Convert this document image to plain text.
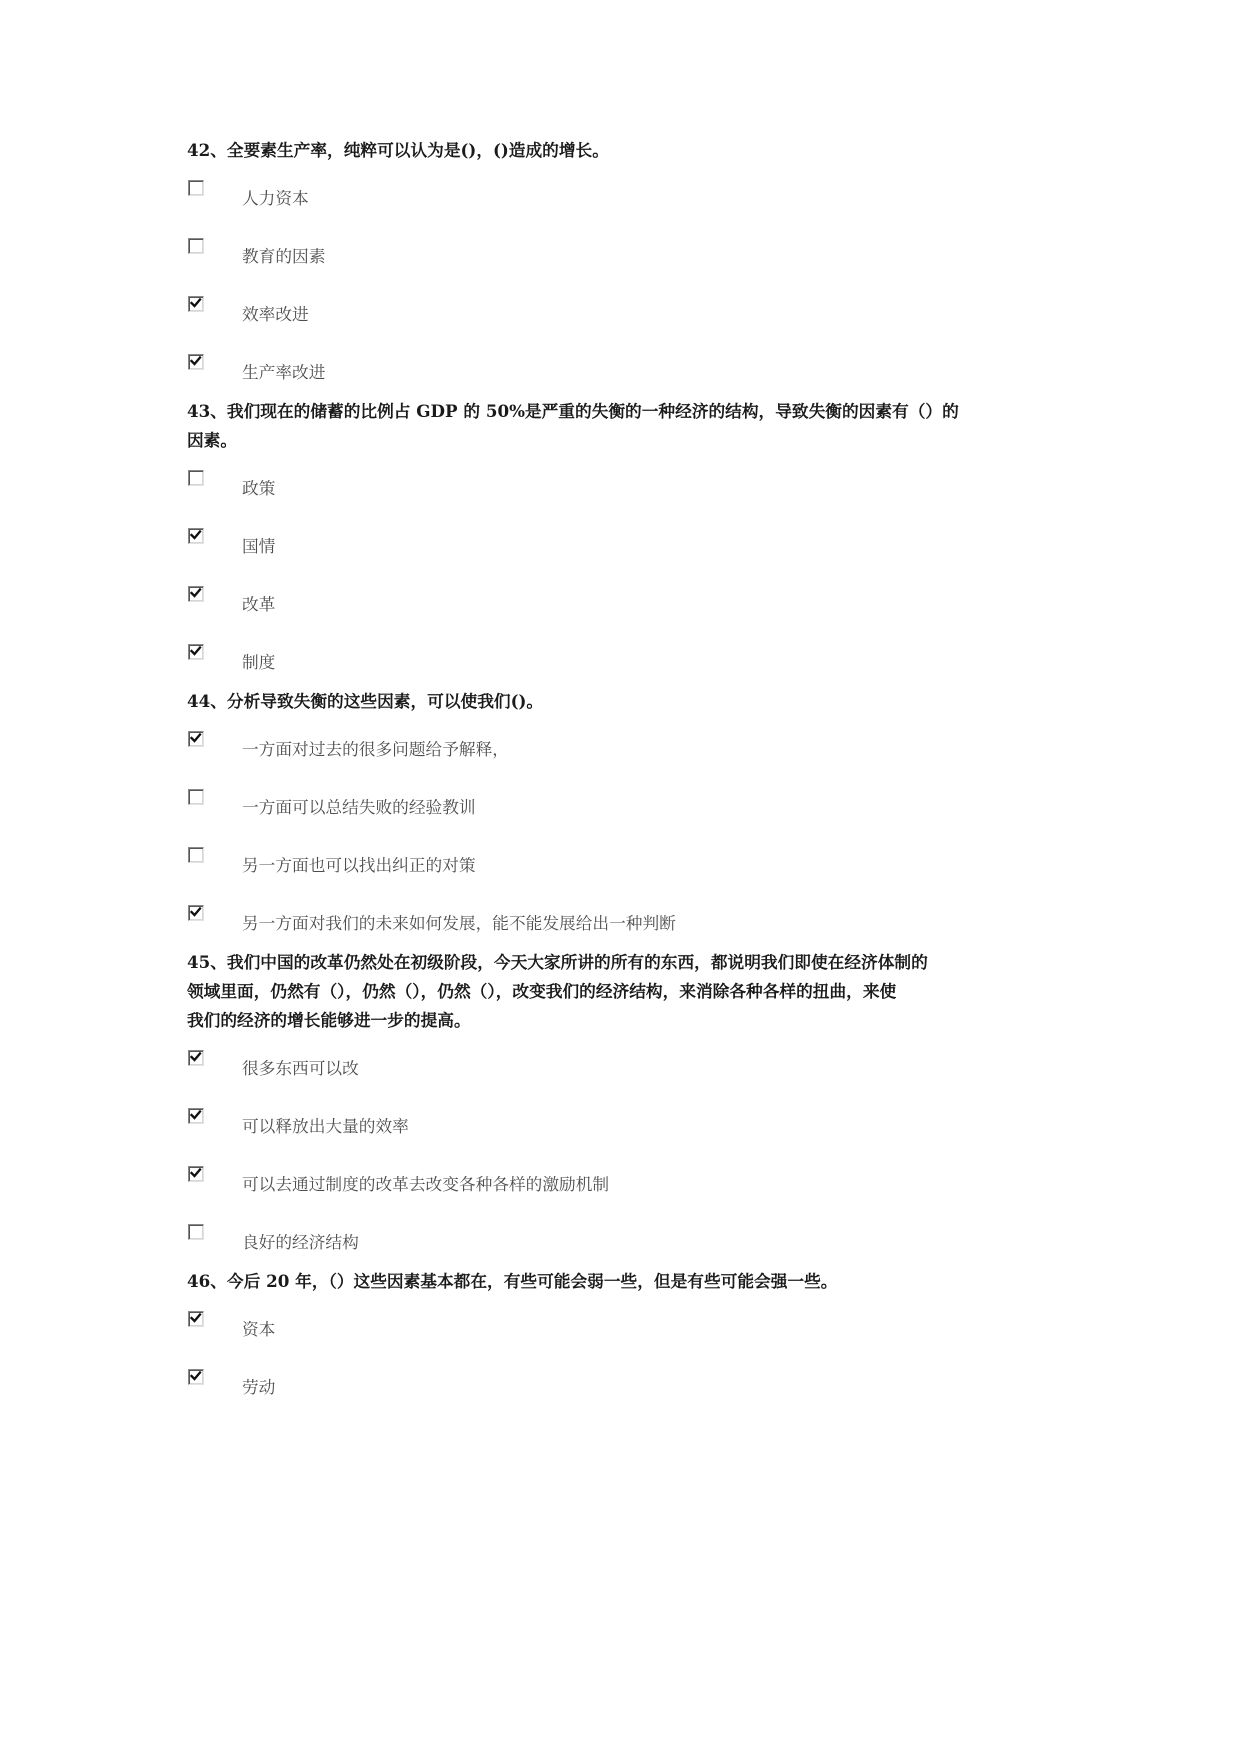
42、全要素生产率，纯粹可以认为是()，()造成的增长。
人力资本
教育的因素
效率改进
生产率改进
43、我们现在的储蓄的比例占 GDP 的 50%是严重的失衡的一种经济的结构，导致失衡的因素有（）的
因素。
政策
国情
改革
制度
44、分析导致失衡的这些因素，可以使我们()。
一方面对过去的很多问题给予解释，
一方面可以总结失败的经验教训
另一方面也可以找出纠正的对策
另一方面对我们的未来如何发展，能不能发展给出一种判断
45、我们中国的改革仍然处在初级阶段，今天大家所讲的所有的东西，都说明我们即使在经济体制的
领域里面，仍然有（），仍然（），仍然（），改变我们的经济结构，来消除各种各样的扭曲，来使
我们的经济的增长能够进一步的提高。
很多东西可以改
可以释放出大量的效率
可以去通过制度的改革去改变各种各样的激励机制
良好的经济结构
46、今后 20 年，（）这些因素基本都在，有些可能会弱一些，但是有些可能会强一些。
资本
劳动
